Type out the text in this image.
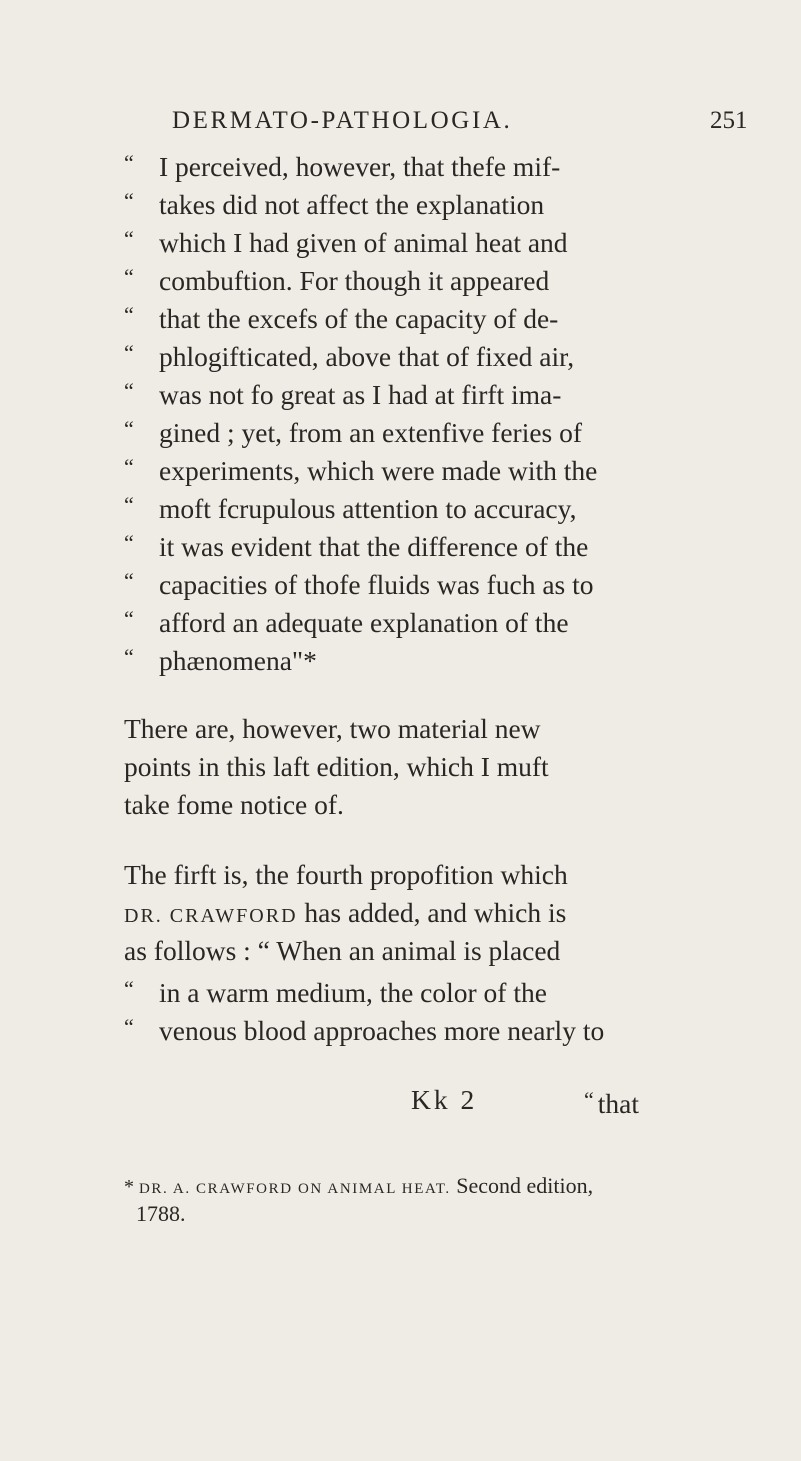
DERMATO-PATHOLOGIA.	251
“ I perceived, however, that thefe mif-
“ takes did not affect the explanation
“ which I had given of animal heat and
“ combuftion. For though it appeared
“ that the excefs of the capacity of de-
“ phlogifticated, above that of fixed air,
“ was not fo great as I had at firft ima-
“ gined ; yet, from an extenfive feries of
“ experiments, which were made with the
“ moft fcrupulous attention to accuracy,
“ it was evident that the difference of the
“ capacities of thofe fluids was fuch as to
“ afford an adequate explanation of the
“ phænomena"*
There are, however, two material new
points in this laft edition, which I muft
take fome notice of.
The firft is, the fourth propofition which
DR. CRAWFORD has added, and which is
as follows : “ When an animal is placed
“ in a warm medium, the color of the
“ venous blood approaches more nearly to
Kk 2	“ that
* DR. A. CRAWFORD ON ANIMAL HEAT. Second edition,
1788.
